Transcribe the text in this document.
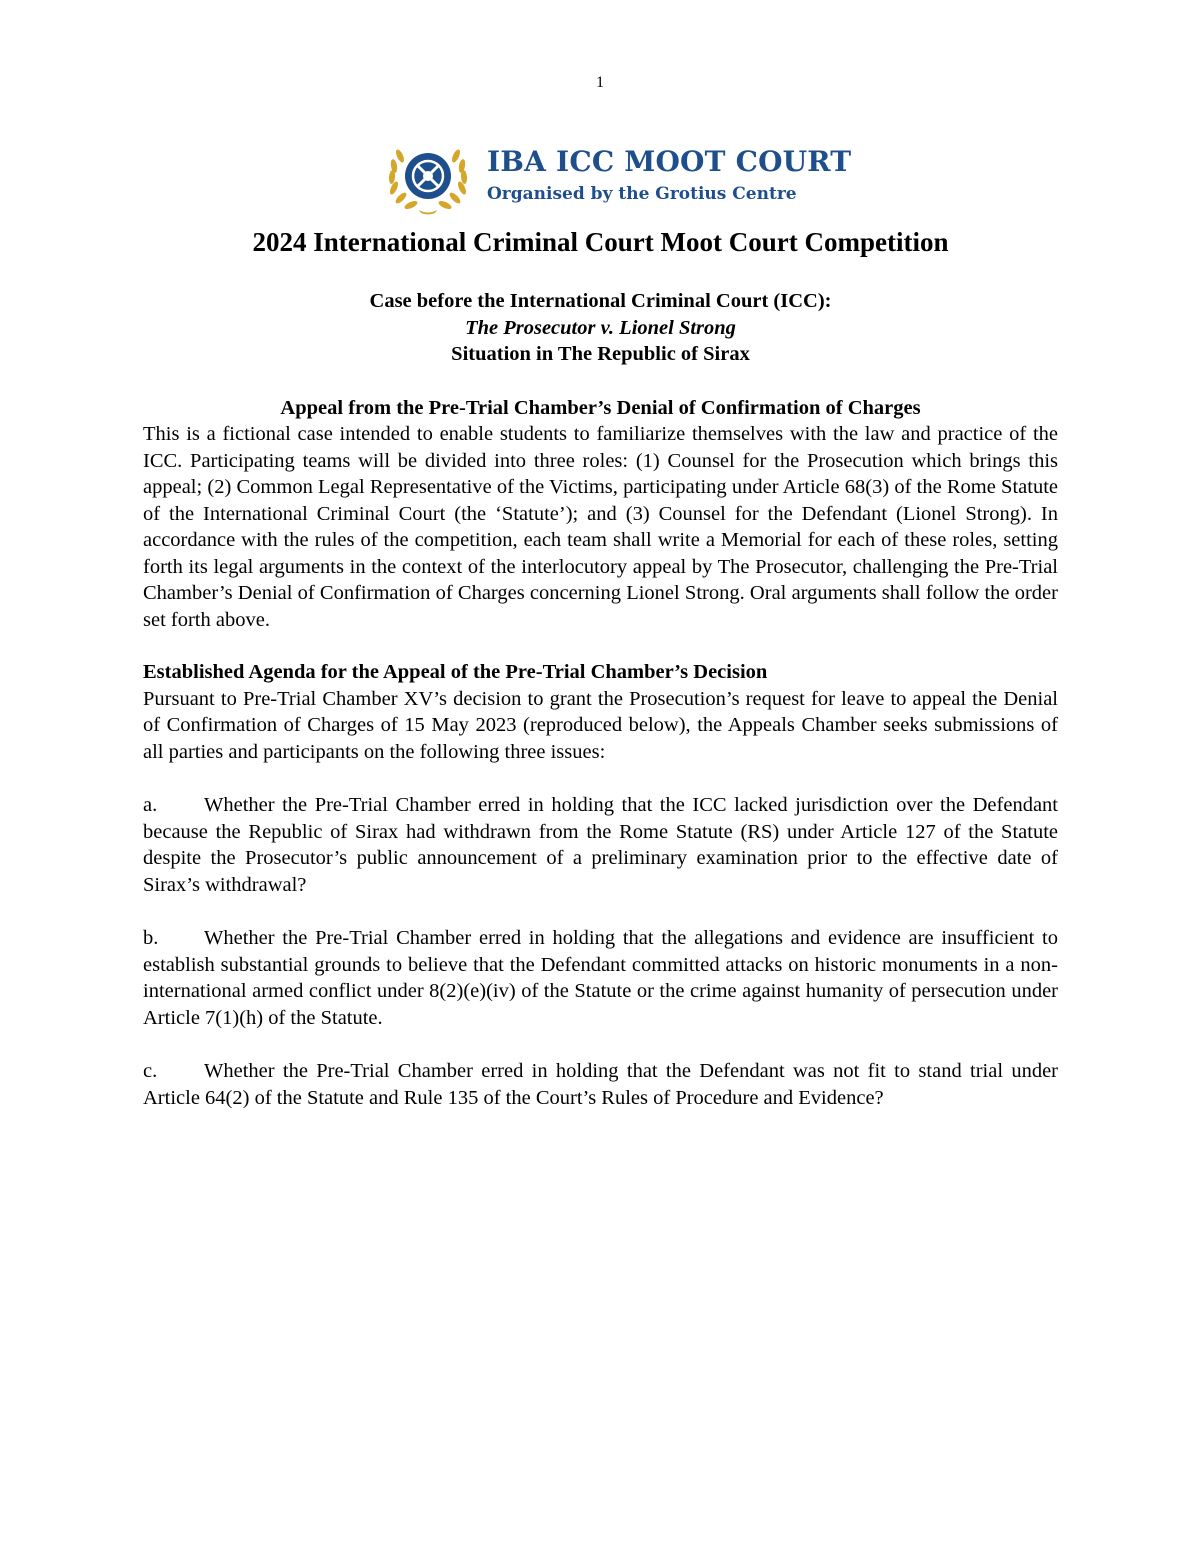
1
IBA ICC MOOT COURT
Organised by the Grotius Centre
2024 International Criminal Court Moot Court Competition
Case before the International Criminal Court (ICC):
The Prosecutor v. Lionel Strong
Situation in The Republic of Sirax
Appeal from the Pre-Trial Chamber’s Denial of Confirmation of Charges

This is a fictional case intended to enable students to familiarize themselves with the law and practice of the ICC. Participating teams will be divided into three roles: (1) Counsel for the Prosecution which brings this appeal; (2) Common Legal Representative of the Victims, participating under Article 68(3) of the Rome Statute of the International Criminal Court (the ‘Statute’); and (3) Counsel for the Defendant (Lionel Strong). In accordance with the rules of the competition, each team shall write a Memorial for each of these roles, setting forth its legal arguments in the context of the interlocutory appeal by The Prosecutor, challenging the Pre-Trial Chamber’s Denial of Confirmation of Charges concerning Lionel Strong. Oral arguments shall follow the order set forth above.

Established Agenda for the Appeal of the Pre-Trial Chamber’s Decision

Pursuant to Pre-Trial Chamber XV’s decision to grant the Prosecution’s request for leave to appeal the Denial of Confirmation of Charges of 15 May 2023 (reproduced below), the Appeals Chamber seeks submissions of all parties and participants on the following three issues:

a. Whether the Pre-Trial Chamber erred in holding that the ICC lacked jurisdiction over the Defendant because the Republic of Sirax had withdrawn from the Rome Statute (RS) under Article 127 of the Statute despite the Prosecutor’s public announcement of a preliminary examination prior to the effective date of Sirax’s withdrawal?
b. Whether the Pre-Trial Chamber erred in holding that the allegations and evidence are insufficient to establish substantial grounds to believe that the Defendant committed attacks on historic monuments in a non-international armed conflict under 8(2)(e)(iv) of the Statute or the crime against humanity of persecution under Article 7(1)(h) of the Statute.
c. Whether the Pre-Trial Chamber erred in holding that the Defendant was not fit to stand trial under Article 64(2) of the Statute and Rule 135 of the Court’s Rules of Procedure and Evidence?
